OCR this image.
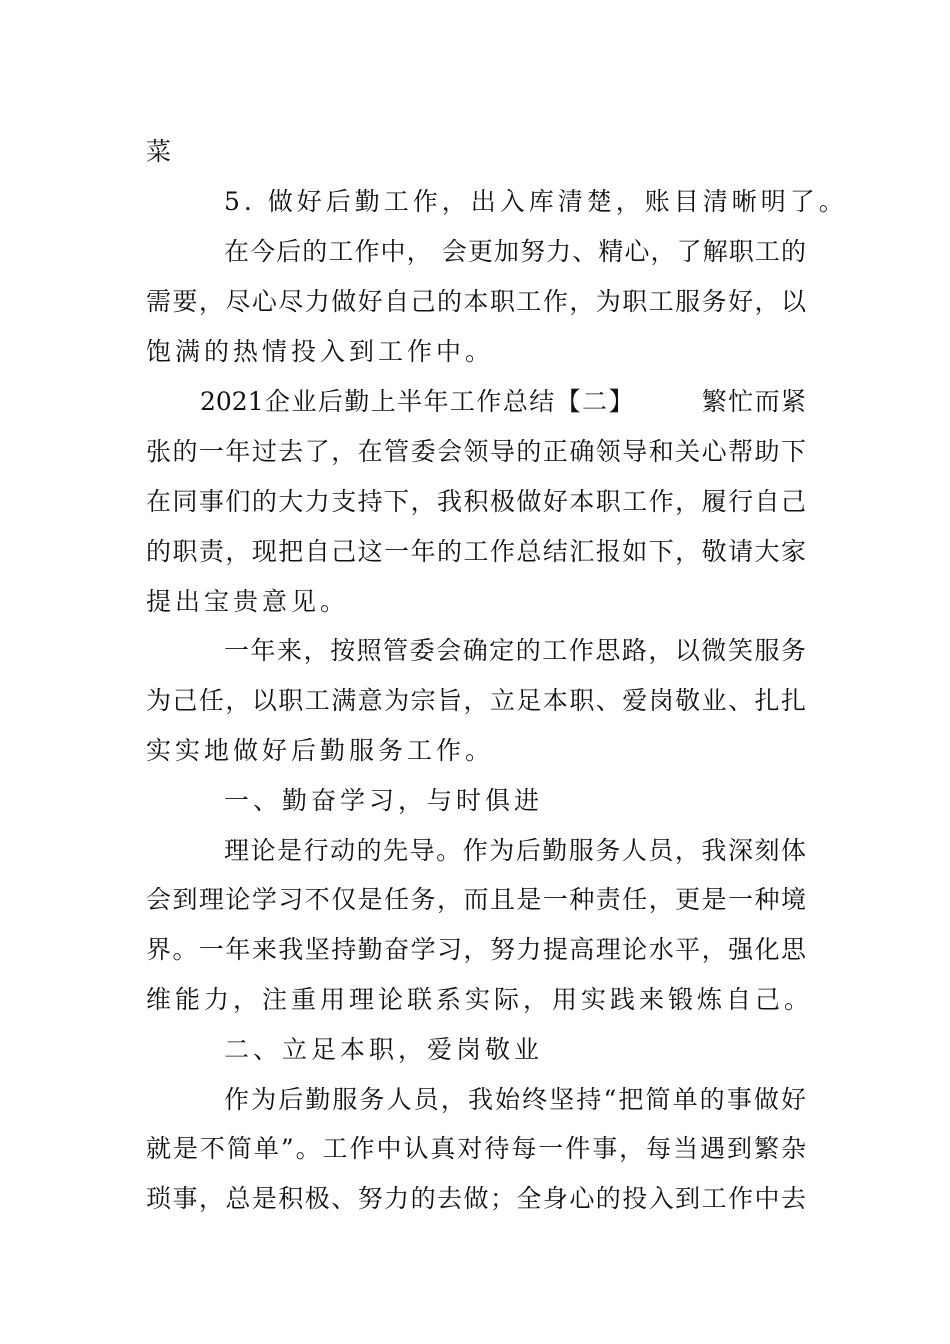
菜
5. 做好后勤工作，出入库清楚，账目清晰明了。
在今后的工作中， 会更加努力、精心，了解职工的
需要，尽心尽力做好自己的本职工作，为职工服务好，以
饱满的热情投入到工作中。
2021企业后勤上半年工作总结【二】　　　繁忙而紧
张的一年过去了，在管委会领导的正确领导和关心帮助下
在同事们的大力支持下，我积极做好本职工作，履行自己
的职责，现把自己这一年的工作总结汇报如下，敬请大家
提出宝贵意见。
一年来，按照管委会确定的工作思路，以微笑服务
为己任，以职工满意为宗旨，立足本职、爱岗敬业、扎扎
实实地做好后勤服务工作。
一、勤奋学习，与时俱进
理论是行动的先导。作为后勤服务人员，我深刻体
会到理论学习不仅是任务，而且是一种责任，更是一种境
界。一年来我坚持勤奋学习，努力提高理论水平，强化思
维能力，注重用理论联系实际，用实践来锻炼自己。
二、立足本职，爱岗敬业
作为后勤服务人员，我始终坚持“把简单的事做好
就是不简单”。工作中认真对待每一件事，每当遇到繁杂
琐事，总是积极、努力的去做；全身心的投入到工作中去
